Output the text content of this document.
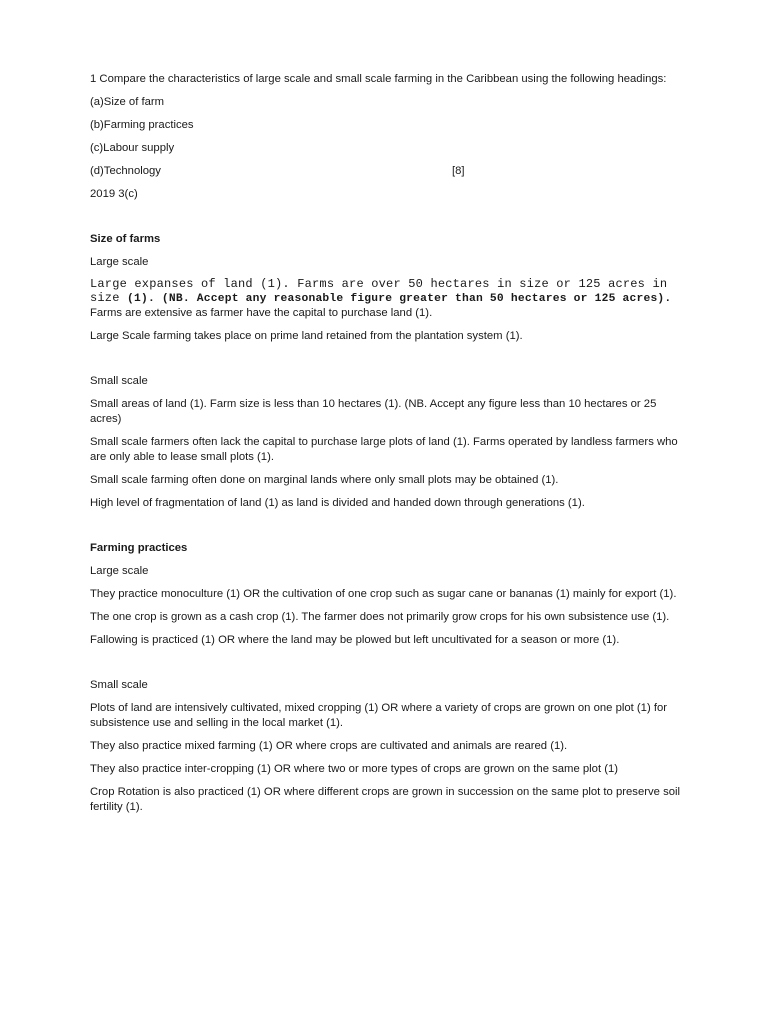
1 Compare the characteristics of large scale and small scale farming in the Caribbean using the following headings:

(a)Size of farm

(b)Farming practices

(c)Labour supply

(d)Technology	[8]

2019 3(c)

Size of farms

Large scale

Large expanses of land (1). Farms are over 50 hectares in size or 125 acres in size (1). (NB. Accept any reasonable figure greater than 50 hectares or 125 acres).

Farms are extensive as farmer have the capital to purchase land (1).

Large Scale farming takes place on prime land retained from the plantation system (1).

Small scale

Small areas of land (1). Farm size is less than 10 hectares (1). (NB. Accept any figure less than 10 hectares or 25 acres)

Small scale farmers often lack the capital to purchase large plots of land (1). Farms operated by landless farmers who are only able to lease small plots (1).

Small scale farming often done on marginal lands where only small plots may be obtained (1).

High level of fragmentation of land (1) as land is divided and handed down through generations (1).

Farming practices

Large scale

They practice monoculture (1) OR the cultivation of one crop such as sugar cane or bananas (1) mainly for export (1).

The one crop is grown as a cash crop (1). The farmer does not primarily grow crops for his own subsistence use (1).

Fallowing is practiced (1) OR where the land may be plowed but left uncultivated for a season or more (1).

Small scale

Plots of land are intensively cultivated, mixed cropping (1) OR where a variety of crops are grown on one plot (1) for subsistence use and selling in the local market (1).

They also practice mixed farming (1) OR where crops are cultivated and animals are reared (1).

They also practice inter-cropping (1) OR where two or more types of crops are grown on the same plot (1)

Crop Rotation is also practiced (1) OR where different crops are grown in succession on the same plot to preserve soil fertility (1).
